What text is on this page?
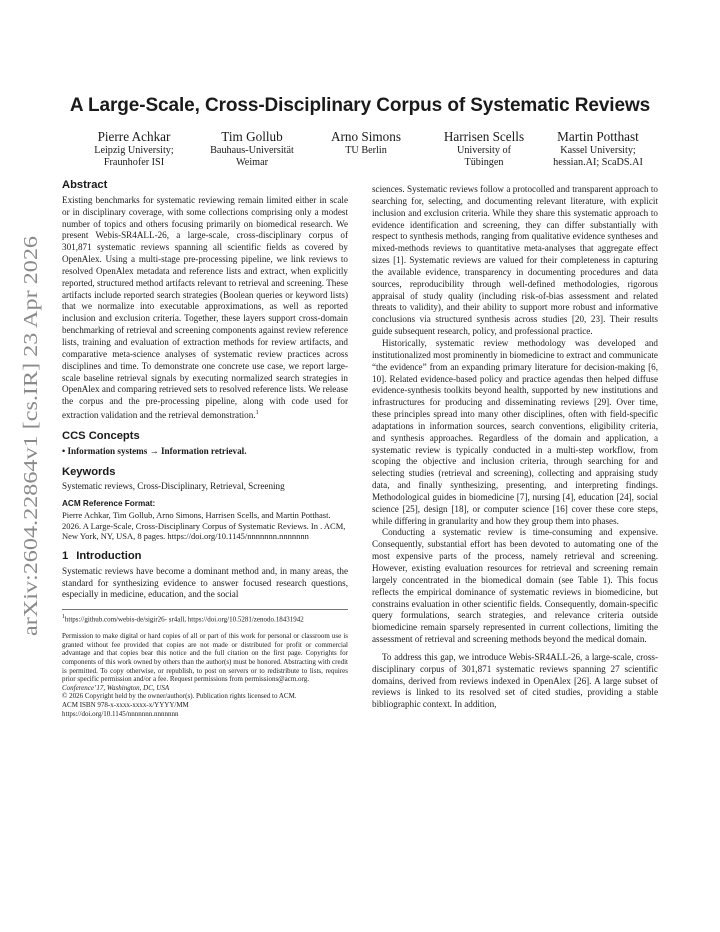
arXiv:2604.22864v1 [cs.IR] 23 Apr 2026
A Large-Scale, Cross-Disciplinary Corpus of Systematic Reviews
Pierre Achkar
Leipzig University;
Fraunhofer ISI
Tim Gollub
Bauhaus-Universität
Weimar
Arno Simons
TU Berlin
Harrisen Scells
University of
Tübingen
Martin Potthast
Kassel University;
hessian.AI; ScaDS.AI
Abstract

Existing benchmarks for systematic reviewing remain limited either in scale or in disciplinary coverage, with some collections comprising only a modest number of topics and others focusing primarily on biomedical research. We present Webis-SR4ALL-26, a large-scale, cross-disciplinary corpus of 301,871 systematic reviews spanning all scientific fields as covered by OpenAlex. Using a multi-stage pre-processing pipeline, we link reviews to resolved OpenAlex metadata and reference lists and extract, when explicitly reported, structured method artifacts relevant to retrieval and screening. These artifacts include reported search strategies (Boolean queries or keyword lists) that we normalize into executable approximations, as well as reported inclusion and exclusion criteria. Together, these layers support cross-domain benchmarking of retrieval and screening components against review reference lists, training and evaluation of extraction methods for review artifacts, and comparative meta-science analyses of systematic review practices across disciplines and time. To demonstrate one concrete use case, we report large-scale baseline retrieval signals by executing normalized search strategies in OpenAlex and comparing retrieved sets to resolved reference lists. We release the corpus and the pre-processing pipeline, along with code used for extraction validation and the retrieval demonstration.$^1$

CCS Concepts

• Information systems → Information retrieval.

Keywords

Systematic reviews, Cross-Disciplinary, Retrieval, Screening

ACM Reference Format:

Pierre Achkar, Tim Gollub, Arno Simons, Harrisen Scells, and Martin Potthast. 2026. A Large-Scale, Cross-Disciplinary Corpus of Systematic Reviews. In . ACM, New York, NY, USA, 8 pages. https://doi.org/10.1145/nnnnnnn.nnnnnnn

1 Introduction

Systematic reviews have become a dominant method and, in many areas, the standard for synthesizing evidence to answer focused research questions, especially in medicine, education, and the social

$^1$https://github.com/webis-de/sigir26- sr4all, https://doi.org/10.5281/zenodo.18431942
Permission to make digital or hard copies of all or part of this work for personal or classroom use is granted without fee provided that copies are not made or distributed for profit or commercial advantage and that copies bear this notice and the full citation on the first page. Copyrights for components of this work owned by others than the author(s) must be honored. Abstracting with credit is permitted. To copy otherwise, or republish, to post on servers or to redistribute to lists, requires prior specific permission and/or a fee. Request permissions from permissions@acm.org.
Conference’17, Washington, DC, USA
© 2026 Copyright held by the owner/author(s). Publication rights licensed to ACM.
ACM ISBN 978-x-xxxx-xxxx-x/YYYY/MM
https://doi.org/10.1145/nnnnnnn.nnnnnnn

sciences. Systematic reviews follow a protocolled and transparent approach to searching for, selecting, and documenting relevant literature, with explicit inclusion and exclusion criteria. While they share this systematic approach to evidence identification and screening, they can differ substantially with respect to synthesis methods, ranging from qualitative evidence syntheses and mixed-methods reviews to quantitative meta-analyses that aggregate effect sizes [1]. Systematic reviews are valued for their completeness in capturing the available evidence, transparency in documenting procedures and data sources, reproducibility through well-defined methodologies, rigorous appraisal of study quality (including risk-of-bias assessment and related threats to validity), and their ability to support more robust and informative conclusions via structured synthesis across studies [20, 23]. Their results guide subsequent research, policy, and professional practice.

Historically, systematic review methodology was developed and institutionalized most prominently in biomedicine to extract and communicate “the evidence” from an expanding primary literature for decision-making [6, 10]. Related evidence-based policy and practice agendas then helped diffuse evidence-synthesis toolkits beyond health, supported by new institutions and infrastructures for producing and disseminating reviews [29]. Over time, these principles spread into many other disciplines, often with field-specific adaptations in information sources, search conventions, eligibility criteria, and synthesis approaches. Regardless of the domain and application, a systematic review is typically conducted in a multi-step workflow, from scoping the objective and inclusion criteria, through searching for and selecting studies (retrieval and screening), collecting and appraising study data, and finally synthesizing, presenting, and interpreting findings. Methodological guides in biomedicine [7], nursing [4], education [24], social science [25], design [18], or computer science [16] cover these core steps, while differing in granularity and how they group them into phases.

Conducting a systematic review is time-consuming and expensive. Consequently, substantial effort has been devoted to automating one of the most expensive parts of the process, namely retrieval and screening. However, existing evaluation resources for retrieval and screening remain largely concentrated in the biomedical domain (see Table 1). This focus reflects the empirical dominance of systematic reviews in biomedicine, but constrains evaluation in other scientific fields. Consequently, domain-specific query formulations, search strategies, and relevance criteria outside biomedicine remain sparsely represented in current collections, limiting the assessment of retrieval and screening methods beyond the medical domain.

To address this gap, we introduce Webis-SR4ALL-26, a large-scale, cross-disciplinary corpus of 301,871 systematic reviews spanning 27 scientific domains, derived from reviews indexed in OpenAlex [26]. A large subset of reviews is linked to its resolved set of cited studies, providing a stable bibliographic context. In addition,
